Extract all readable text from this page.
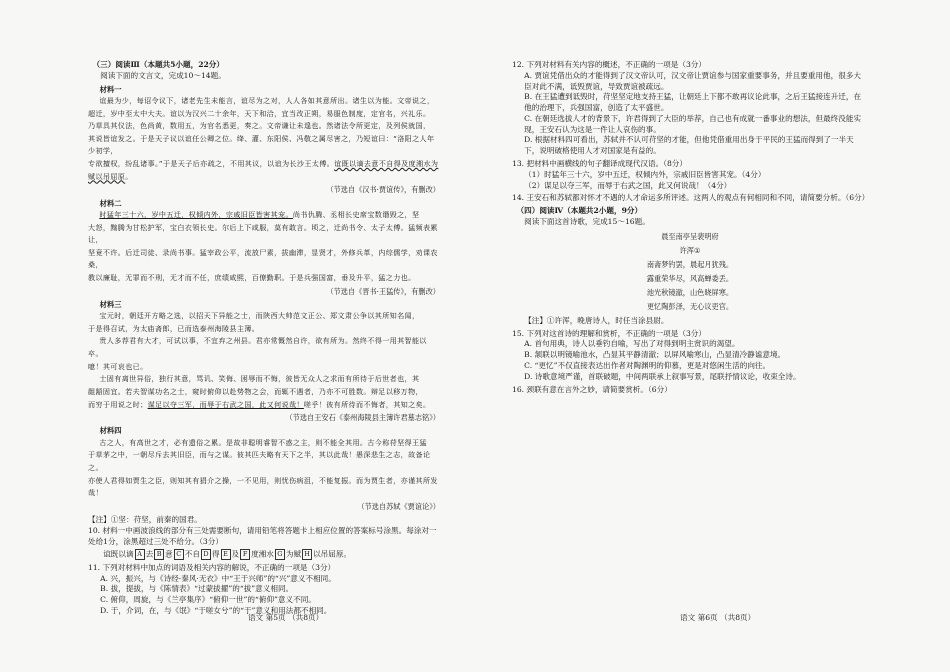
（三）阅读Ⅲ（本题共5小题，22分）

阅读下面的文言文，完成10～14题。

材料一

谊最为少，每诏令议下，诸老先生未能言，谊尽为之对，人人各如其意所出。诸生以为能。文帝说之，

超迁，岁中至太中大夫。谊以为汉兴二十余年，天下和洽，宜当改正朔，易服色制度，定官名，兴礼乐。

乃草具其仪法，色尚黄，数用五，为官名悉更，奏之。文帝谦让未遑也。然诸法令所更定，及列侯就国，

其说皆谊发之。于是天子议以谊任公卿之位。绛、灌、东阳侯、冯敬之属尽害之，乃短谊曰：“洛阳之人年少初学，

专欲擅权，纷乱诸事。”于是天子后亦疏之，不用其议，以谊为长沙王太傅。谊既以谪去意不自得及度湘水为赋以吊屈原。

（节选自《汉书·贾谊传》，有删改）

材料二

时猛年三十六，岁中五迁，权倾内外，宗戚旧臣皆害其宠。尚书仇腾、丞相长史席宝数谮毁之，坚

大怒，黜腾为甘松护军，宝白衣领长史。尔后上下咸服，莫有敢言。顷之，迁尚书令、太子太傅。猛频表累让，

坚竟不许。后迁司徒、录尚书事。猛宰政公平，流放尸素，拔幽滞，显贤才，外修兵革，内综儒学，劝课农桑，

教以廉耻，无罪而不刑，无才而不任，庶绩咸熙，百僚勤职。于是兵强国富，垂及升平，猛之力也。

（节选自《晋书·王猛传》，有删改）

材料三

宝元时，朝廷开方略之选，以招天下异能之士，而陕西大帅范文正公、郑文肃公争以其所知名闻，

于是得召试，为太庙斋郎，已而选泰州海陵县主簿。

贵人多荐君有大才，可试以事，不宜弃之州县。君亦常慨然自许，欲有所为。然终不得一用其智能以卒。

噫！其可哀也已。

士固有离世异俗，独行其意，骂讥、笑侮、困辱而不悔，彼皆无众人之求而有所待于后世者也，其

龃龉固宜。若夫智谋功名之士，窥时俯仰以赴势物之会，而辄不遇者，乃亦不可胜数。辩足以移万物，

而穷于用说之时；谋足以夺三军，而辱于右武之国，此又何说哉！嗟乎！彼有所待而不悔者，其知之矣。

（节选自王安石《泰州海陵县主簿许君墓志铭》）

材料四

古之人，有高世之才，必有遗俗之累。是故非聪明睿智不惑之主，则不能全其用。古今称苻坚得王猛

于草茅之中，一朝尽斥去其旧臣，而与之谋。彼其匹夫略有天下之半，其以此哉！愚深悲生之志，故备论之。

亦使人君得如贾生之臣，则知其有狷介之操，一不见用，则忧伤病沮，不能复振。而为贾生者，亦谨其所发哉！

（节选自苏轼《贾谊论》）

【注】①坚：苻坚，前秦的国君。

10. 材料一中画波浪线的部分有三处需要断句，请用铅笔将答题卡上相应位置的答案标号涂黑。每涂对一处给1分，涂黑超过三处不给分。（3分）

谊既以谪 A 去 B 意 C 不自 D 得 E 及 F 度湘水 G 为赋 H 以吊屈原。

11. 下列对材料中加点的词语及相关内容的解说，不正确的一项是（3分）

A. 兴，振兴，与《诗经·秦风·无衣》中“王于兴师”的“兴”意义不相同。

B. 拔，提拔，与《陈情表》“过蒙拔擢”的“拔”意义相同。

C. 俯仰，周旋，与《兰亭集序》“俯仰一世”的“俯仰”意义不同。

D. 于，介词，在，与《氓》“于嗟女兮”的“于”意义和用法都不相同。

12. 下列对材料有关内容的概述，不正确的一项是（3分）

A. 贾谊凭借出众的才能得到了汉文帝认可，汉文帝让贾谊参与国家重要事务，并且要重用他，很多大臣对此不满，诋毁贾谊，导致贾谊被疏远。

B. 在王猛遭到诋毁时，苻坚坚定地支持王猛，让朝廷上下都不敢再议论此事，之后王猛接连升迁，在他的治理下，兵强国富，创造了太平盛世。

C. 在朝廷选拔人才的背景下，许君得到了大臣的举荐，自己也有成就一番事业的想法，但最终没能实现，王安石认为这是一件让人哀伤的事。

D. 根据材料四可看出，苏轼并不认可苻坚的才能，但他凭借重用出身于平民的王猛而得到了一半天下，说明破格使用人才对国家是有益的。

13. 把材料中画横线的句子翻译成现代汉语。（8分）

（1）时猛年三十六，岁中五迁，权倾内外，宗戚旧臣皆害其宠。（4分）

（2）谋足以夺三军，而辱于右武之国，此又何说哉！（4分）

14. 王安石和苏轼都对怀才不遇的人才命运多所评述。这两人的观点有何相同和不同，请简要分析。（6分）

（四）阅读Ⅳ（本题共2小题，9分）

阅读下面这首诗歌，完成15～16题。

晨至南亭呈裴明府

许浑①

南斋梦钓罢，晨起月犹残。

露重荣华尽，风高蝉委丢。

池光秋镜澈，山色晓屏寒。

更忆陶彭泽，无心议吏官。

【注】①许浑，晚唐诗人，时任当涂县尉。

15. 下列对这首诗的理解和赏析，不正确的一项是（3分）

A. 首句用典，诗人以垂钓自喻，写出了对得到明主赏识的渴望。

B. 颔联以明镜喻池水，凸显其平静清澈；以屏风喻寒山，凸显清冷静谧意境。

C. “更忆”不仅直接表达出作者对陶渊明的仰慕，更是对悠闲生活的向往。

D. 诗歌意境严谨，首联破题，中间两联承上叙事写景，尾联抒情议论，收束全诗。

16. 颈联有意在言外之妙，请简要赏析。（6分）

语文 第5页 （共8页）	语文 第6页 （共8页）
